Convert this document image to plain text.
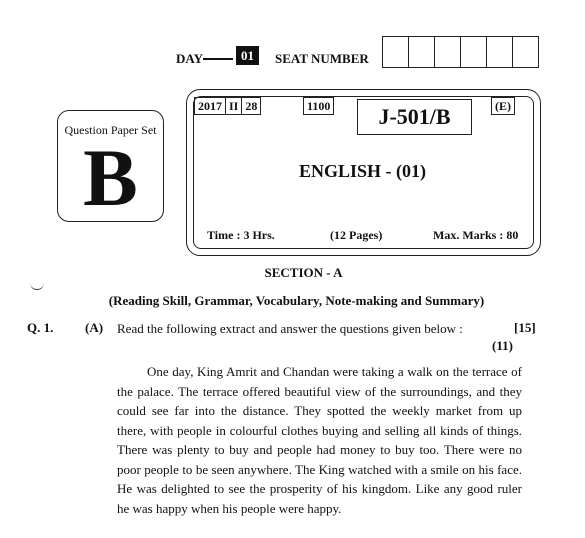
DAY	01	SEAT NUMBER
Question Paper Set
B
2017 II 28	1100	J-501/B	(E)
ENGLISH - (01)
Time : 3 Hrs.	(12 Pages)	Max. Marks : 80
SECTION - A
(Reading Skill, Grammar, Vocabulary, Note-making and Summary)
Q. 1. (A) Read the following extract and answer the questions given below :	[15]
(11)
One day, King Amrit and Chandan were taking a walk on the terrace of the palace. The terrace offered beautiful view of the surroundings, and they could see far into the distance. They spotted the weekly market from up there, with people in colourful clothes buying and selling all kinds of things. There was plenty to buy and people had money to buy too. There were no poor people to be seen anywhere. The King watched with a smile on his face. He was delighted to see the prosperity of his kingdom. Like any good ruler he was happy when his people were happy.
